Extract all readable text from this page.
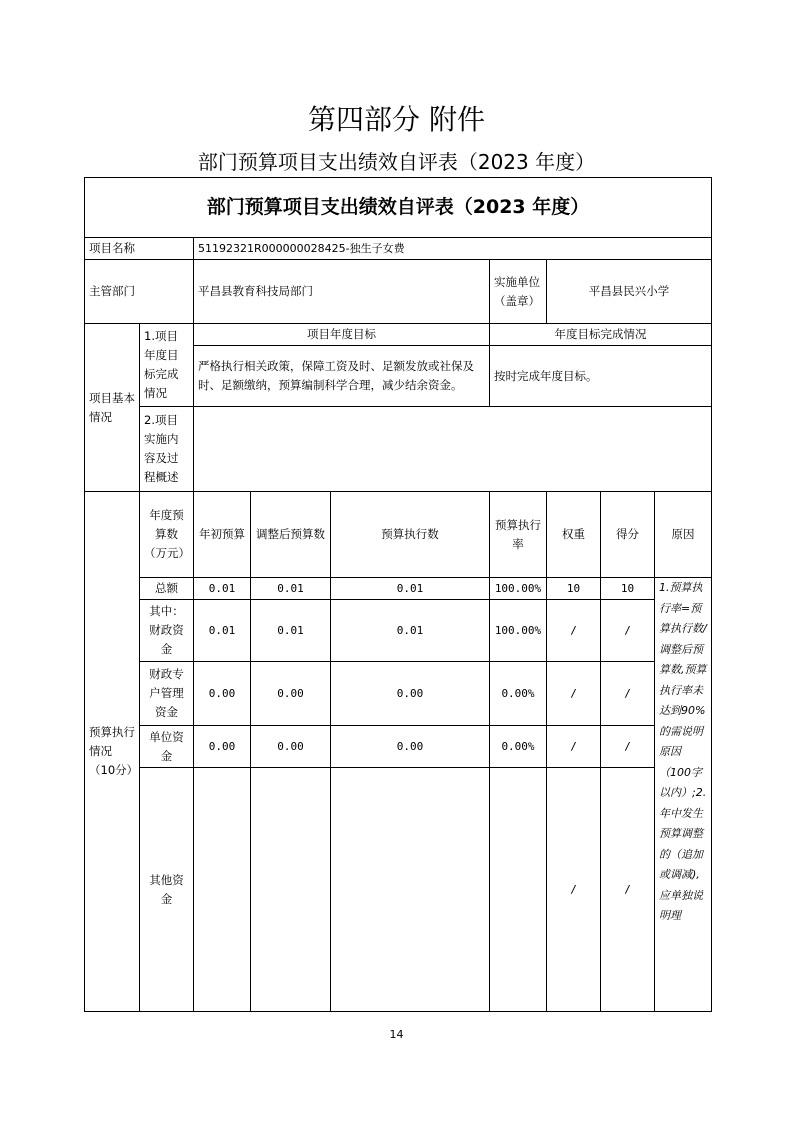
第四部分 附件
部门预算项目支出绩效自评表（2023 年度）
部门预算项目支出绩效自评表（2023 年度）								
项目名称		51192321R000000028425-独生子女费						
主管部门		平昌县教育科技局部门			实施单位（盖章）	平昌县民兴小学		
项目基本情况	1.项目年度目标完成情况	项目年度目标			年度目标完成情况			
		严格执行相关政策，保障工资及时、足额发放或社保及时、足额缴纳，预算编制科学合理，减少结余资金。			按时完成年度目标。			
	2.项目实施内容及过程概述							
预算执行情况（10分）	年度预算数（万元）	年初预算	调整后预算数	预算执行数	预算执行率	权重	得分	原因
	总额	0.01	0.01	0.01	100.00%	10	10	1.预算执行率=预算执行数/调整后预算数,预算执行率未达到90%的需说明原因（100字以内）;2.年中发生预算调整的（追加或调减),应单独说明理
	其中：财政资金	0.01	0.01	0.01	100.00%	/	/	
	财政专户管理资金	0.00	0.00	0.00	0.00%	/	/	
	单位资金	0.00	0.00	0.00	0.00%	/	/	
	其他资金					/	/	
14
